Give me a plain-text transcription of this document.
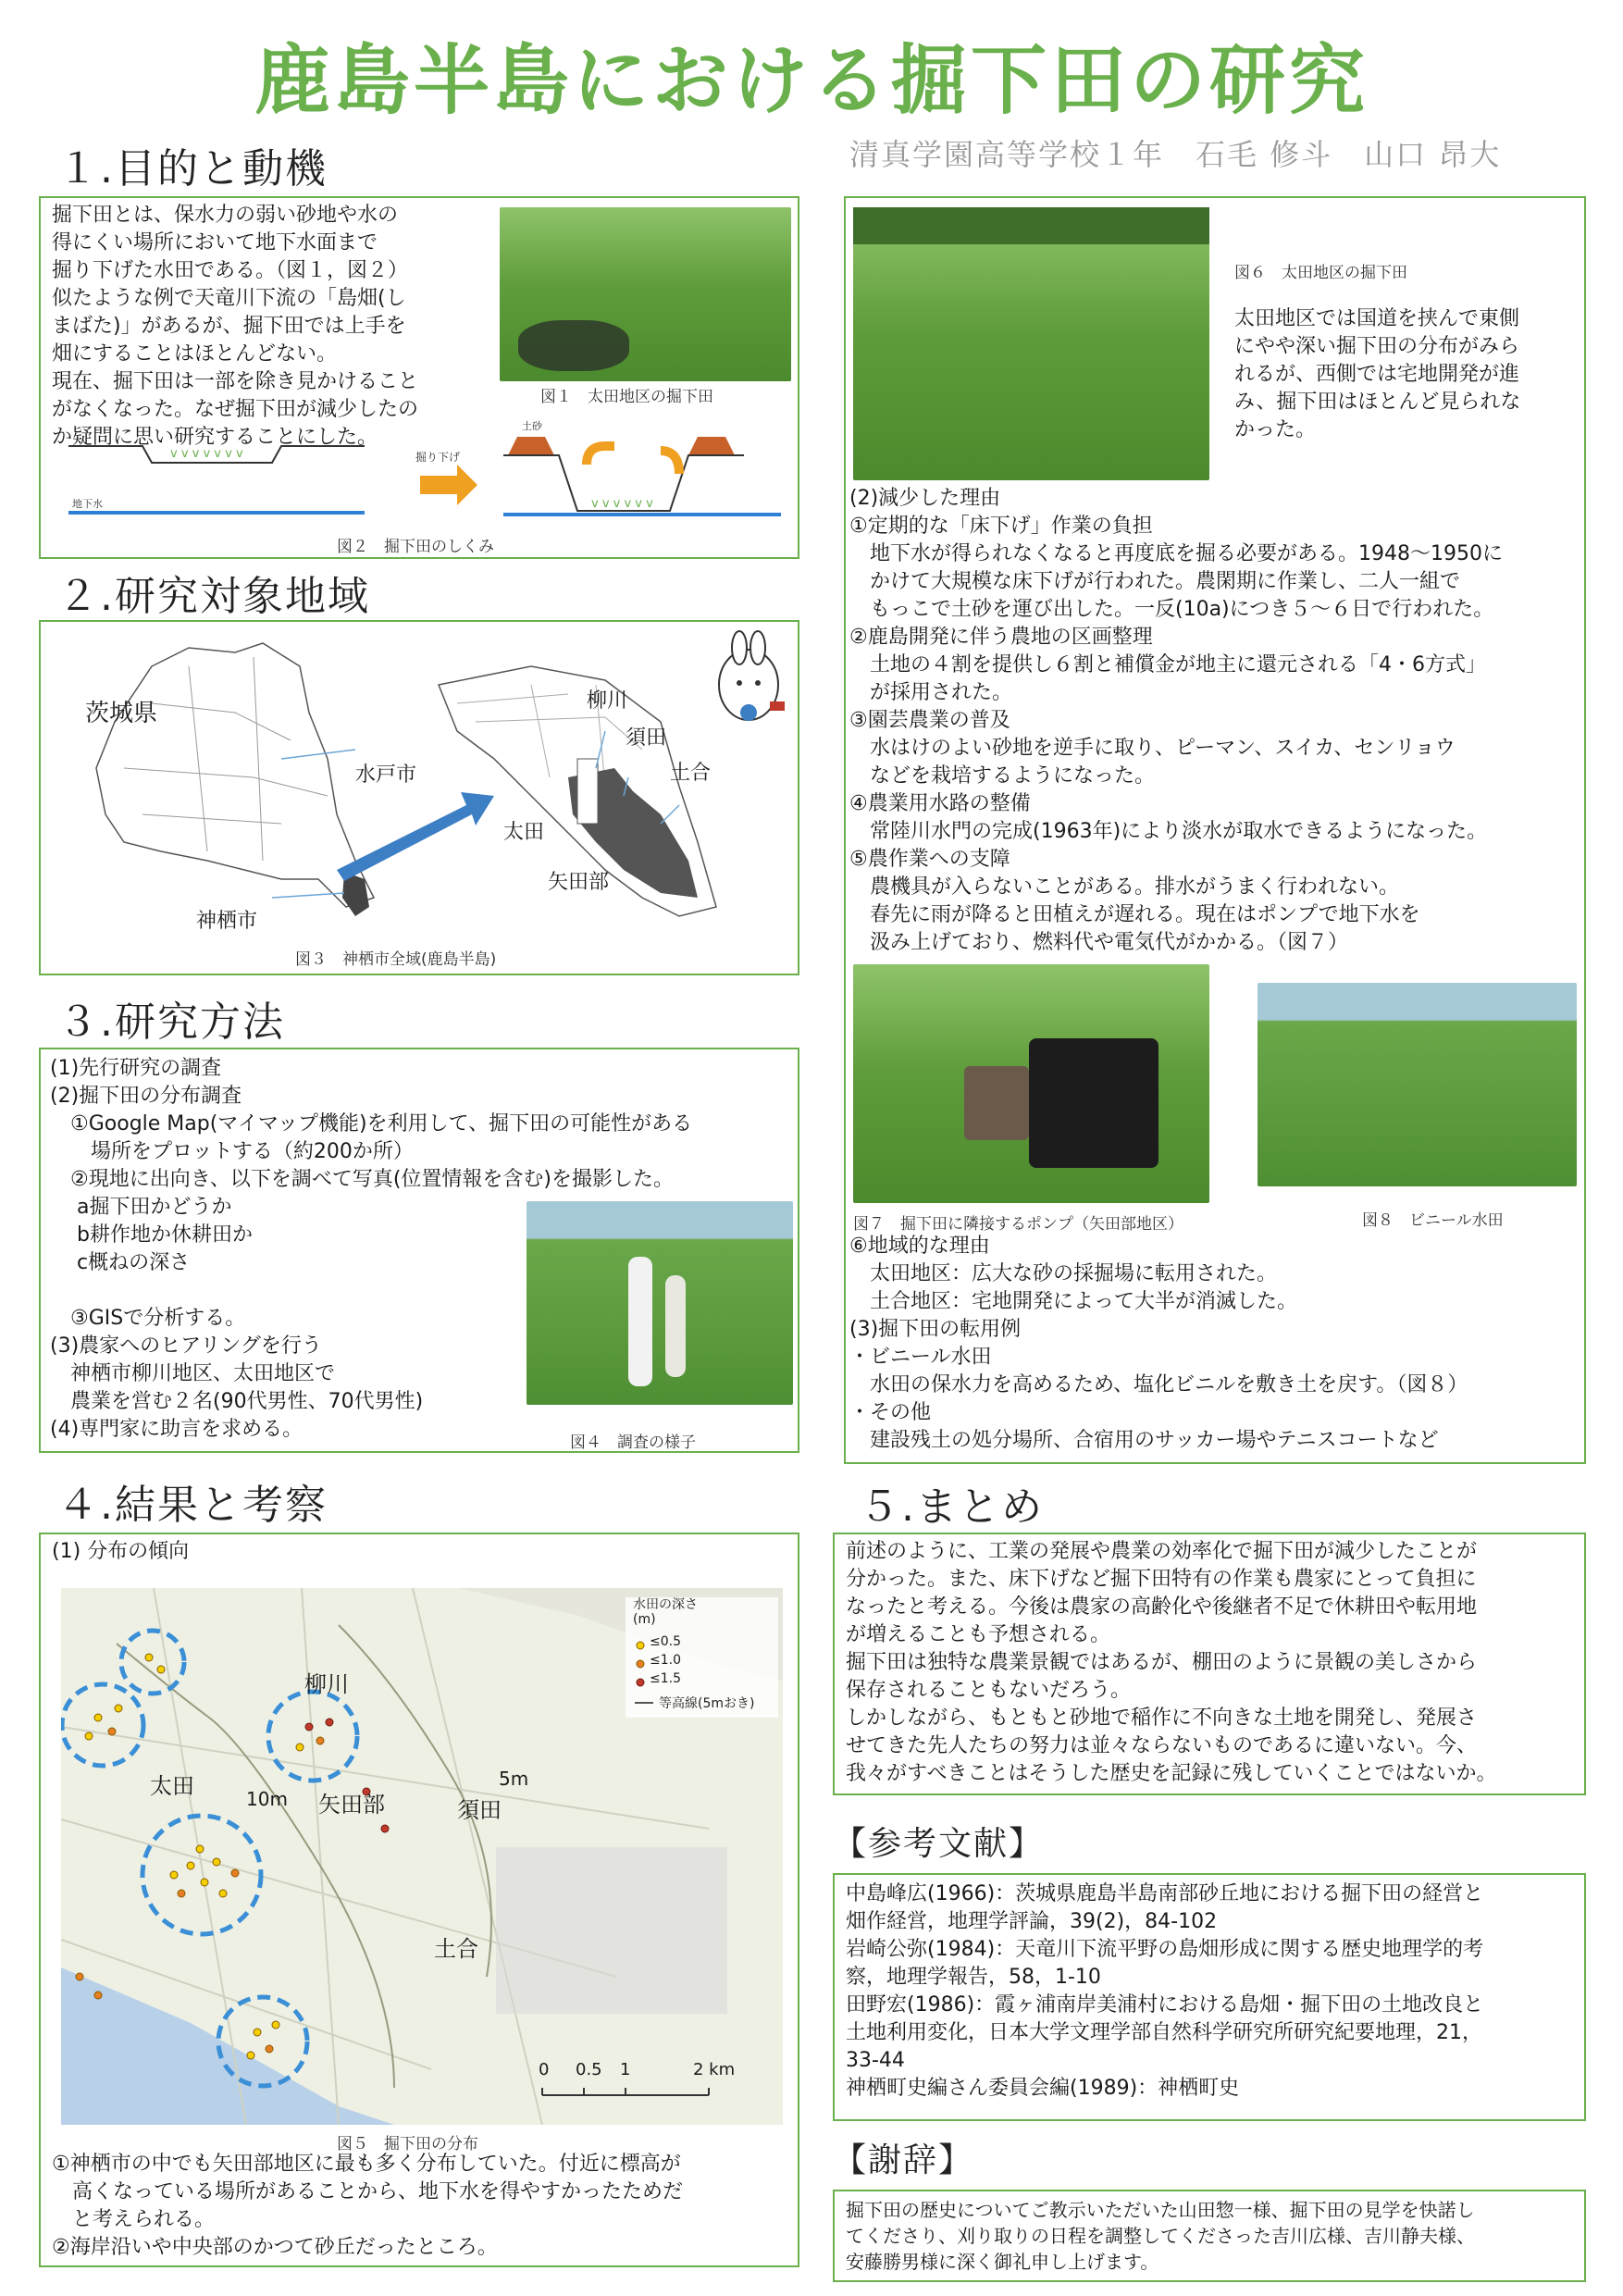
鹿島半島における掘下田の研究
清真学園高等学校１年　石毛 修斗　山口 昂大
１.目的と動機
掘下田とは、保水力の弱い砂地や水の
得にくい場所において地下水面まで
掘り下げた水田である。（図１，図２）
似たような例で天竜川下流の「島畑(し
まばた)」があるが、掘下田では上手を
畑にすることはほとんどない。
現在、掘下田は一部を除き見かけること
がなくなった。なぜ掘下田が減少したの
か疑問に思い研究することにした。
図１　太田地区の掘下田
v v v v v v v
地下水
掘り下げ
土砂
v v v v v v
図２　掘下田のしくみ
２.研究対象地域
茨城県
水戸市
神栖市
柳川
須田
土合
太田
矢田部
図３　神栖市全域(鹿島半島)
３.研究方法
(1)先行研究の調査
(2)掘下田の分布調査
　①Google Map(マイマップ機能)を利用して、掘下田の可能性がある
　　場所をプロットする（約200か所）
　②現地に出向き、以下を調べて写真(位置情報を含む)を撮影した。
　 a掘下田かどうか
　 b耕作地か休耕田か
　 c概ねの深さ

　③GISで分析する。
(3)農家へのヒアリングを行う
　神栖市柳川地区、太田地区で
　農業を営む２名(90代男性、70代男性)
(4)専門家に助言を求める。
図４　調査の様子
４.結果と考察
(1) 分布の傾向
水田の深さ
(m)
≤0.5
≤1.0
≤1.5
等高線(5mおき)
柳川
太田
矢田部	須田
土合
10m
5m
0 0.5 1	2 km
図５　掘下田の分布
①神栖市の中でも矢田部地区に最も多く分布していた。付近に標高が
　高くなっている場所があることから、地下水を得やすかったためだ
　と考えられる。
②海岸沿いや中央部のかつて砂丘だったところ。
図６　太田地区の掘下田
太田地区では国道を挟んで東側
にやや深い掘下田の分布がみら
れるが、西側では宅地開発が進
み、掘下田はほとんど見られな
かった。
(2)減少した理由
①定期的な「床下げ」作業の負担
　地下水が得られなくなると再度底を掘る必要がある。1948〜1950に
　かけて大規模な床下げが行われた。農閑期に作業し、二人一組で
　もっこで土砂を運び出した。一反(10a)につき５〜６日で行われた。
②鹿島開発に伴う農地の区画整理
　土地の４割を提供し６割と補償金が地主に還元される「4・6方式」
　が採用された。
③園芸農業の普及
　水はけのよい砂地を逆手に取り、ピーマン、スイカ、センリョウ
　などを栽培するようになった。
④農業用水路の整備
　常陸川水門の完成(1963年)により淡水が取水できるようになった。
⑤農作業への支障
　農機具が入らないことがある。排水がうまく行われない。
　春先に雨が降ると田植えが遅れる。現在はポンプで地下水を
　汲み上げており、燃料代や電気代がかかる。（図７）
図７　掘下田に隣接するポンプ（矢田部地区）	図８　ビニール水田
⑥地域的な理由
　太田地区：広大な砂の採掘場に転用された。
　土合地区：宅地開発によって大半が消滅した。
(3)掘下田の転用例
・ビニール水田
　水田の保水力を高めるため、塩化ビニルを敷き土を戻す。（図８）
・その他
　建設残土の処分場所、合宿用のサッカー場やテニスコートなど
５.まとめ
前述のように、工業の発展や農業の効率化で掘下田が減少したことが
分かった。また、床下げなど掘下田特有の作業も農家にとって負担に
なったと考える。今後は農家の高齢化や後継者不足で休耕田や転用地
が増えることも予想される。
掘下田は独特な農業景観ではあるが、棚田のように景観の美しさから
保存されることもないだろう。
しかしながら、もともと砂地で稲作に不向きな土地を開発し、発展さ
せてきた先人たちの努力は並々ならないものであるに違いない。今、
我々がすべきことはそうした歴史を記録に残していくことではないか。
【参考文献】
中島峰広(1966)：茨城県鹿島半島南部砂丘地における掘下田の経営と
畑作経営，地理学評論，39(2)，84-102
岩崎公弥(1984)：天竜川下流平野の島畑形成に関する歴史地理学的考
察，地理学報告，58，1-10
田野宏(1986)：霞ヶ浦南岸美浦村における島畑・掘下田の土地改良と
土地利用変化，日本大学文理学部自然科学研究所研究紀要地理，21，
33-44
神栖町史編さん委員会編(1989)：神栖町史
【謝辞】
掘下田の歴史についてご教示いただいた山田惣一様、掘下田の見学を快諾し
てくださり、刈り取りの日程を調整してくださった吉川広様、吉川静夫様、
安藤勝男様に深く御礼申し上げます。
